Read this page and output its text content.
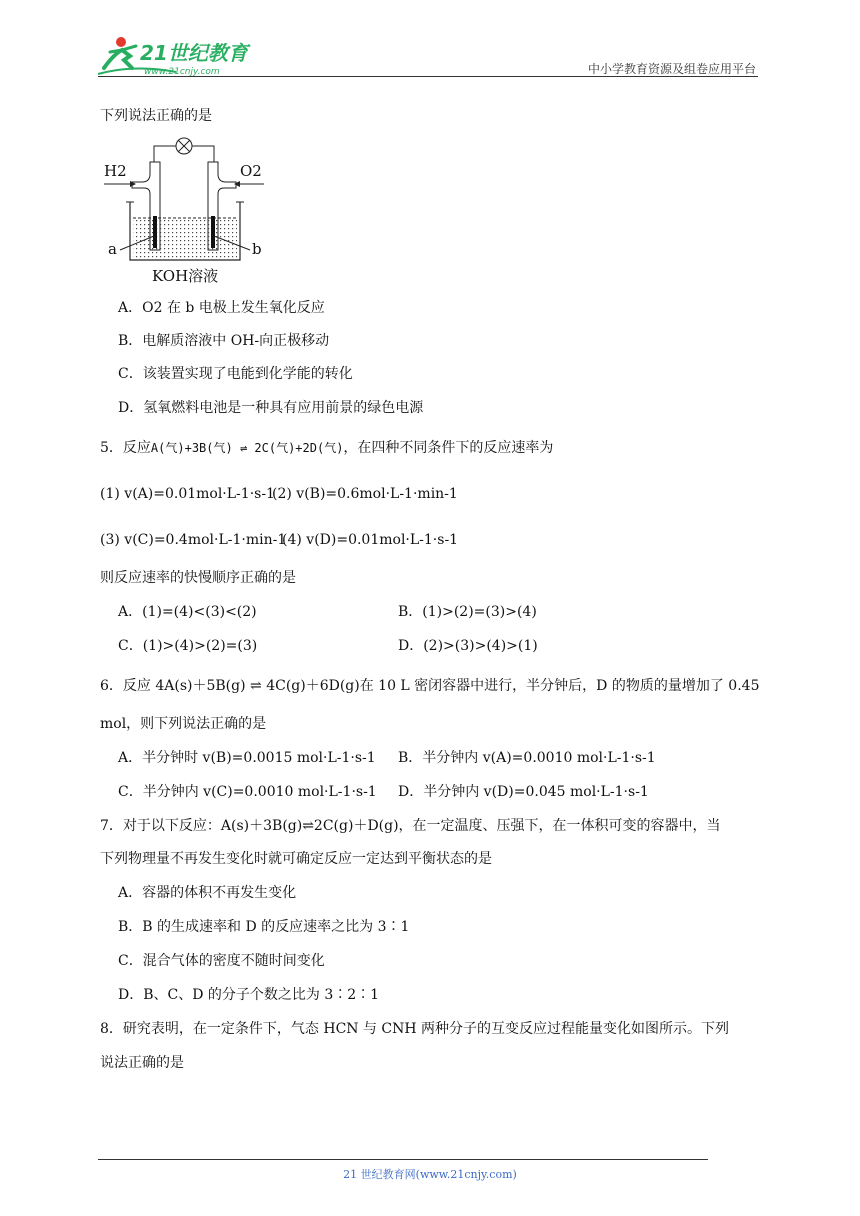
21世纪教育
www.21cnjy.com	中小学教育资源及组卷应用平台
下列说法正确的是
H2	O2
a	b
KOH溶液
A．O2 在 b 电极上发生氧化反应
B．电解质溶液中 OH-向正极移动
C．该装置实现了电能到化学能的转化
D．氢氧燃料电池是一种具有应用前景的绿色电源
5．反应A(气)+3B(气) ⇌ 2C(气)+2D(气)，在四种不同条件下的反应速率为
(1) v(A)=0.01mol·L-1·s-1
(2) v(B)=0.6mol·L-1·min-1
(3) v(C)=0.4mol·L-1·min-1
(4) v(D)=0.01mol·L-1·s-1
则反应速率的快慢顺序正确的是
A．(1)=(4)<(3)<(2)	B．(1)>(2)=(3)>(4)
C．(1)>(4)>(2)=(3)	D．(2)>(3)>(4)>(1)
6．反应 4A(s)＋5B(g) ⇌ 4C(g)＋6D(g)在 10 L 密闭容器中进行，半分钟后，D 的物质的量增加了 0.45
mol，则下列说法正确的是
A．半分钟时 v(B)=0.0015 mol·L-1·s-1 B．半分钟内 v(A)=0.0010 mol·L-1·s-1
C．半分钟内 v(C)=0.0010 mol·L-1·s-1 D．半分钟内 v(D)=0.045 mol·L-1·s-1
7．对于以下反应：A(s)＋3B(g)⇌2C(g)＋D(g)，在一定温度、压强下，在一体积可变的容器中，当
下列物理量不再发生变化时就可确定反应一定达到平衡状态的是
A．容器的体积不再发生变化
B．B 的生成速率和 D 的反应速率之比为 3∶1
C．混合气体的密度不随时间变化
D．B、C、D 的分子个数之比为 3∶2∶1
8．研究表明，在一定条件下，气态 HCN 与 CNH 两种分子的互变反应过程能量变化如图所示。下列
说法正确的是
21 世纪教育网(www.21cnjy.com)
